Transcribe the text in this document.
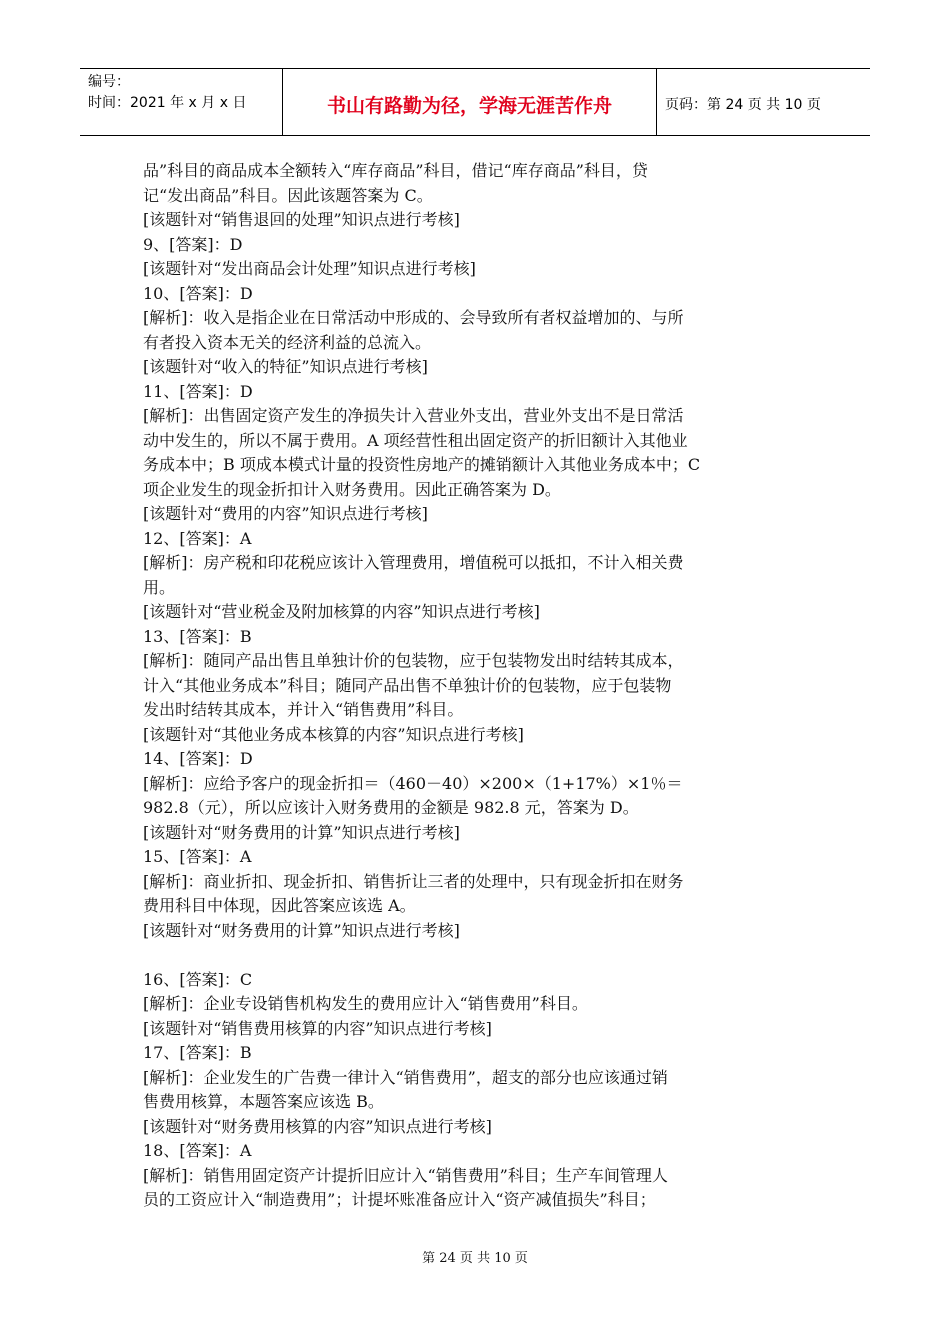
编号：
时间：2021 年 x 月 x 日	书山有路勤为径，学海无涯苦作舟	页码：第 24 页 共 10 页
品”科目的商品成本全额转入“库存商品”科目，借记“库存商品”科目，贷
记“发出商品”科目。因此该题答案为 C。
[该题针对“销售退回的处理”知识点进行考核]
9、[答案]：D
[该题针对“发出商品会计处理”知识点进行考核]
10、[答案]：D
[解析]：收入是指企业在日常活动中形成的、会导致所有者权益增加的、与所
有者投入资本无关的经济利益的总流入。
[该题针对“收入的特征”知识点进行考核]
11、[答案]：D
[解析]：出售固定资产发生的净损失计入营业外支出，营业外支出不是日常活
动中发生的，所以不属于费用。A 项经营性租出固定资产的折旧额计入其他业
务成本中；B 项成本模式计量的投资性房地产的摊销额计入其他业务成本中；C
项企业发生的现金折扣计入财务费用。因此正确答案为 D。
[该题针对“费用的内容”知识点进行考核]
12、[答案]：A
[解析]：房产税和印花税应该计入管理费用，增值税可以抵扣，不计入相关费
用。
[该题针对“营业税金及附加核算的内容”知识点进行考核]
13、[答案]：B
[解析]：随同产品出售且单独计价的包装物，应于包装物发出时结转其成本，
计入“其他业务成本”科目；随同产品出售不单独计价的包装物，应于包装物
发出时结转其成本，并计入“销售费用”科目。
[该题针对“其他业务成本核算的内容”知识点进行考核]
14、[答案]：D
[解析]：应给予客户的现金折扣＝（460－40）×200×（1+17%）×1％＝
982.8（元），所以应该计入财务费用的金额是 982.8 元，答案为 D。
[该题针对“财务费用的计算”知识点进行考核]
15、[答案]：A
[解析]：商业折扣、现金折扣、销售折让三者的处理中，只有现金折扣在财务
费用科目中体现，因此答案应该选 A。
[该题针对“财务费用的计算”知识点进行考核]
16、[答案]：C
[解析]：企业专设销售机构发生的费用应计入“销售费用”科目。
[该题针对“销售费用核算的内容”知识点进行考核]
17、[答案]：B
[解析]：企业发生的广告费一律计入“销售费用”，超支的部分也应该通过销
售费用核算，本题答案应该选 B。
[该题针对“财务费用核算的内容”知识点进行考核]
18、[答案]：A
[解析]：销售用固定资产计提折旧应计入“销售费用”科目；生产车间管理人
员的工资应计入“制造费用”；计提坏账准备应计入“资产减值损失”科目；
第 24 页 共 10 页
